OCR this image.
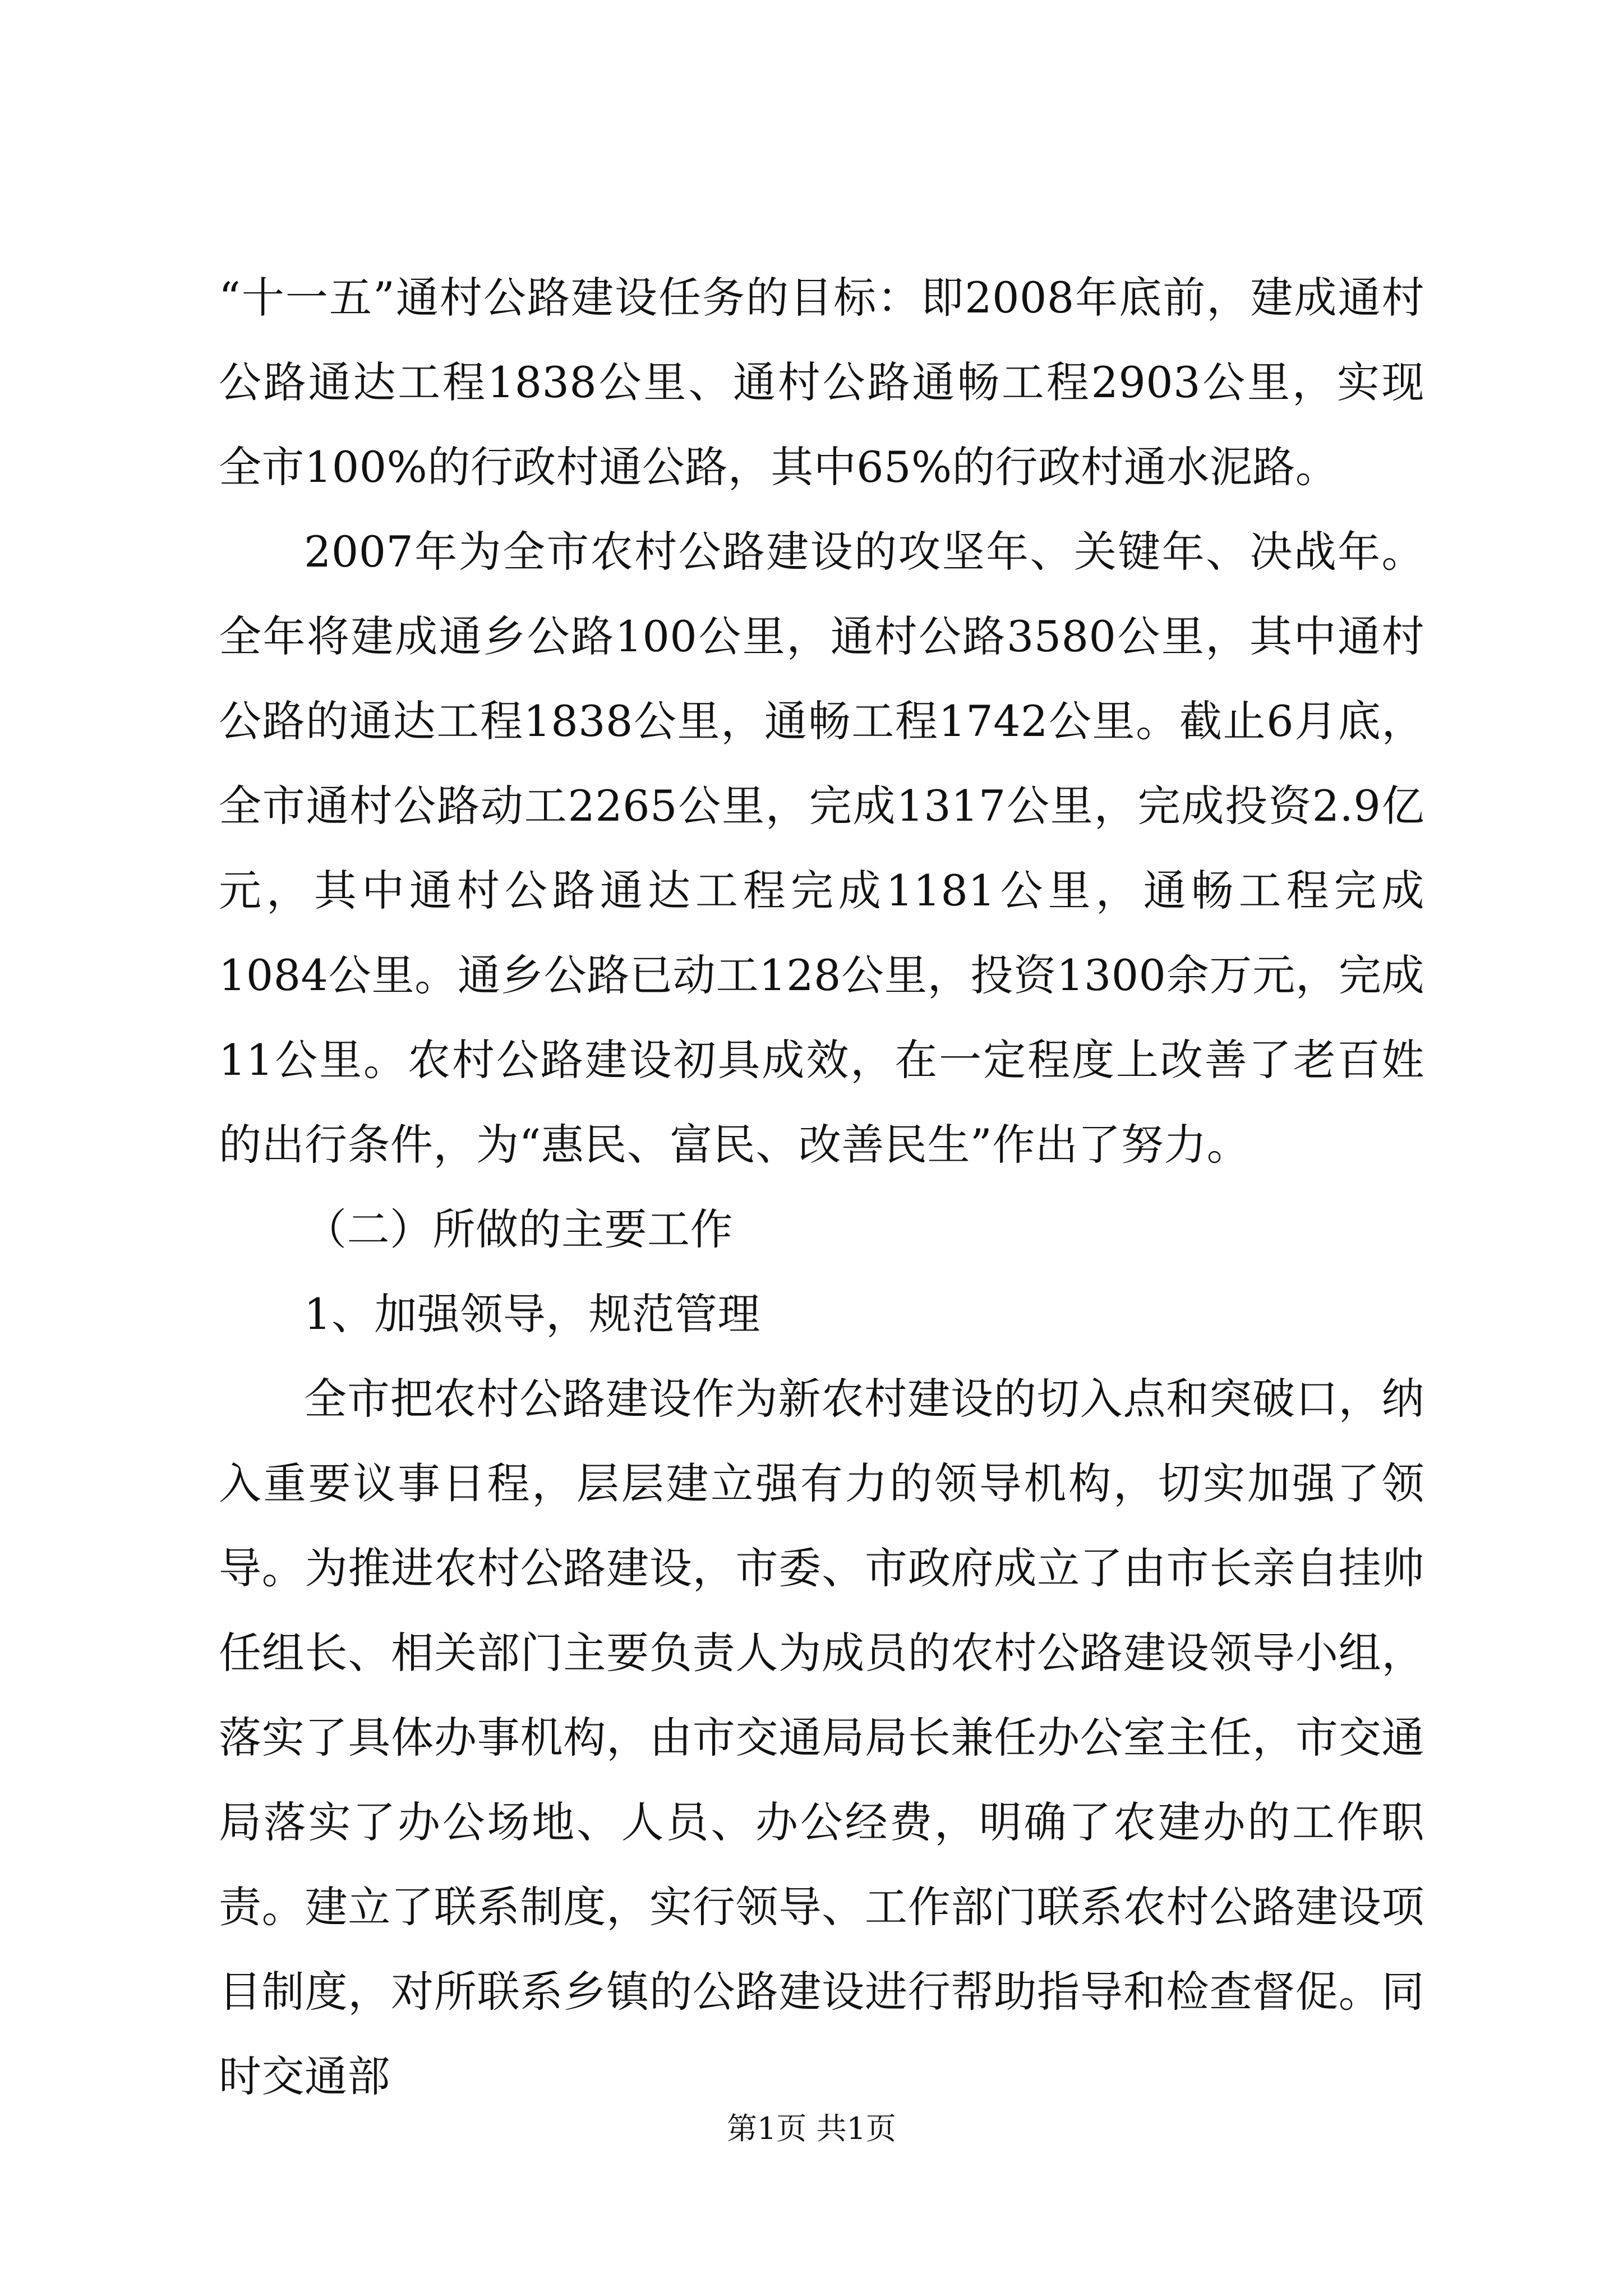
“十一五”通村公路建设任务的目标：即2008年底前，建成通村公路通达工程1838公里、通村公路通畅工程2903公里，实现全市100%的行政村通公路，其中65%的行政村通水泥路。

2007年为全市农村公路建设的攻坚年、关键年、决战年。全年将建成通乡公路100公里，通村公路3580公里，其中通村公路的通达工程1838公里，通畅工程1742公里。截止6月底，全市通村公路动工2265公里，完成1317公里，完成投资2.9亿元，其中通村公路通达工程完成1181公里，通畅工程完成1084公里。通乡公路已动工128公里，投资1300余万元，完成11公里。农村公路建设初具成效，在一定程度上改善了老百姓的出行条件，为“惠民、富民、改善民生”作出了努力。

（二）所做的主要工作

1、加强领导，规范管理

全市把农村公路建设作为新农村建设的切入点和突破口，纳入重要议事日程，层层建立强有力的领导机构，切实加强了领导。为推进农村公路建设，市委、市政府成立了由市长亲自挂帅任组长、相关部门主要负责人为成员的农村公路建设领导小组，落实了具体办事机构，由市交通局局长兼任办公室主任，市交通局落实了办公场地、人员、办公经费，明确了农建办的工作职责。建立了联系制度，实行领导、工作部门联系农村公路建设项目制度，对所联系乡镇的公路建设进行帮助指导和检查督促。同时交通部

第1页 共1页
